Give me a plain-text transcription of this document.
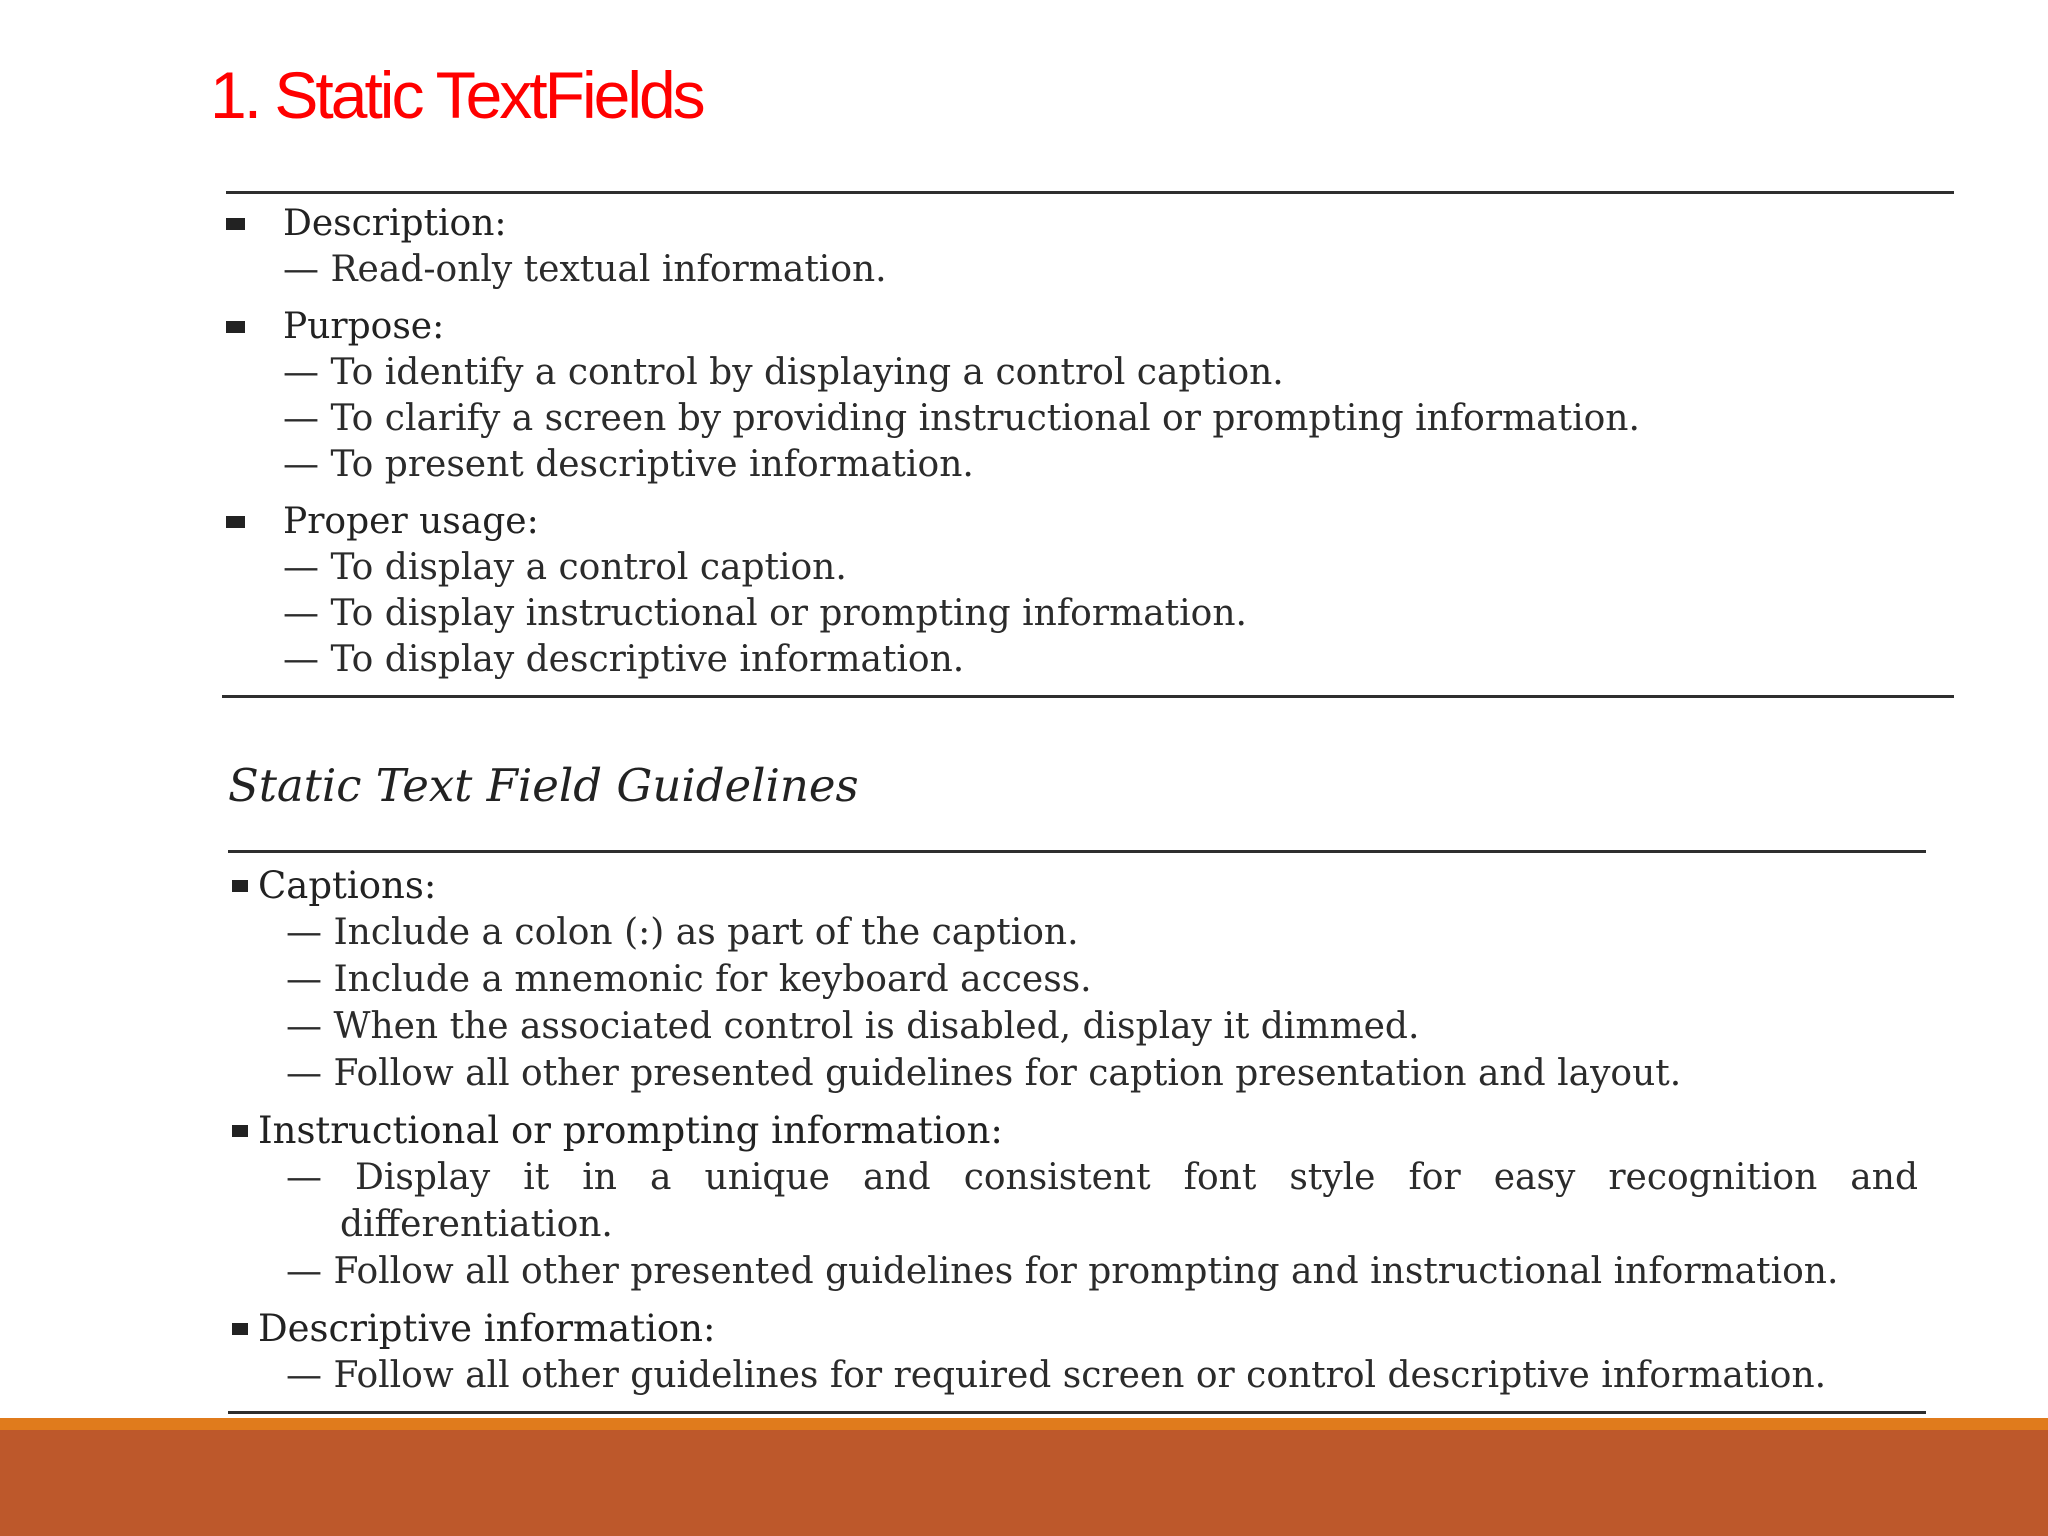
1. Static TextFields
Description:
— Read-only textual information.
Purpose:
— To identify a control by displaying a control caption.
— To clarify a screen by providing instructional or prompting information.
— To present descriptive information.
Proper usage:
— To display a control caption.
— To display instructional or prompting information.
— To display descriptive information.
Static Text Field Guidelines
Captions:
— Include a colon (:) as part of the caption.
— Include a mnemonic for keyboard access.
— When the associated control is disabled, display it dimmed.
— Follow all other presented guidelines for caption presentation and layout.
Instructional or prompting information:
— Display it in a unique and consistent font style for easy recognition and
differentiation.
— Follow all other presented guidelines for prompting and instructional information.
Descriptive information:
— Follow all other guidelines for required screen or control descriptive information.
